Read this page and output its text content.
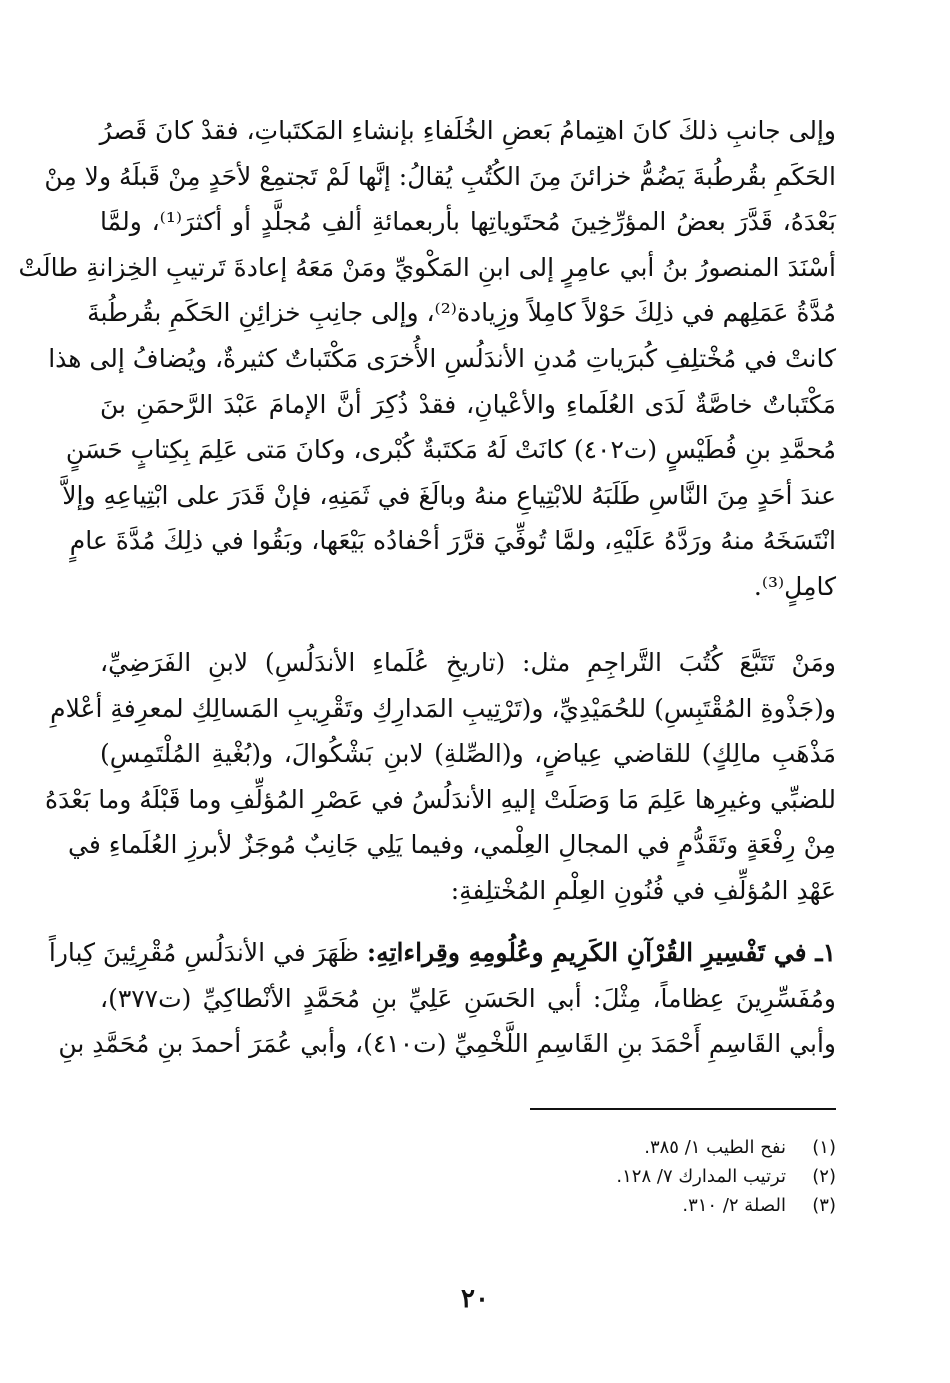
وإلى جانبِ ذلكَ كانَ اهتِمامُ بَعضِ الخُلَفاءِ بإنشاءِ المَكتَباتِ، فقدْ كانَ قَصرُ
الحَكَمِ بقُرطُبةَ يَضُمُّ خزائنَ مِنَ الكُتُبِ يُقالُ: إنَّها لَمْ تَجتمِعْ لأحَدٍ مِنْ قَبلَهُ ولا مِنْ
بَعْدَهُ، قَدَّرَ بعضُ المؤرِّخِينَ مُحتَوياتِها بأربعمائةِ ألفِ مُجلَّدٍ أو أكثرَ⁽¹⁾، ولمَّا
أسْنَدَ المنصورُ بنُ أبي عامِرٍ إلى ابنِ المَكْويِّ ومَنْ مَعَهُ إعادةَ تَرتيبِ الخِزانةِ طالَتْ
مُدَّةُ عَمَلِهم في ذلِكَ حَوْلاً كامِلاً وزِيادة⁽²⁾، وإلى جانِبِ خزائِنِ الحَكَمِ بقُرطُبةَ
كانتْ في مُخْتلِفِ كُبرَياتِ مُدنِ الأندَلُسِ الأُخرَى مَكْتَباتٌ كثيرةٌ، ويُضافُ إلى هذا
مَكْتَباتٌ خاصَّةٌ لَدَى العُلَماءِ والأعْيانِ، فقدْ ذُكِرَ أنَّ الإمامَ عَبْدَ الرَّحمَنِ بنَ
مُحمَّدِ بنِ فُطَيْسٍ (ت٤٠٢) كانَتْ لَهُ مَكتَبةٌ كُبْرى، وكانَ مَتى عَلِمَ بِكِتابٍ حَسَنٍ
عندَ أحَدٍ مِنَ النَّاسِ طَلَبَهُ للابْتِياعِ منهُ وبالَغَ في ثَمَنِهِ، فإنْ قَدَرَ على ابْتِياعِهِ وإلاَّ
انْتَسَخَهُ منهُ ورَدَّهُ عَلَيْهِ، ولمَّا تُوفِّيَ قرَّرَ أحْفادُه بَيْعَها، وبَقُوا في ذلِكَ مُدَّةَ عامٍ
كامِلٍ⁽³⁾.
ومَنْ تَتَبَّعَ كُتُبَ التَّراجِمِ مثل: (تاريخِ عُلَماءِ الأندَلُسِ) لابنِ الفَرَضِيِّ،
و(جَذْوةِ المُقْتَبِسِ) للحُمَيْدِيِّ، و(تَرْتِيبِ المَدارِكِ وتَقْرِيبِ المَسالِكِ لمعرِفةِ أعْلامِ
مَذْهَبِ مالِكٍ) للقاضي عِياضٍ، و(الصِّلةِ) لابنِ بَشْكُوالَ، و(بُغْيةِ المُلْتَمِسِ)
للضبِّي وغيرِها عَلِمَ مَا وَصَلَتْ إليهِ الأندَلُسُ في عَصْرِ المُؤلِّفِ وما قَبْلَهُ وما بَعْدَهُ
مِنْ رِفْعَةٍ وتَقَدُّمٍ في المجالِ العِلْمي، وفيما يَلِي جَانِبٌ مُوجَزٌ لأبرزِ العُلَماءِ في
عَهْدِ المُؤلِّفِ في فُنُونِ العِلْمِ المُخْتلِفةِ:
١ـ في تَفْسِيرِ القُرْآنِ الكَرِيمِ وعُلُومِهِ وقِراءاتِهِ: ظَهَرَ في الأندَلُسِ مُقْرِئِينَ كِباراً
ومُفَسِّرِينَ عِظاماً، مِثْلَ: أبي الحَسَنِ عَلِيِّ بنِ مُحَمَّدٍ الأنْطاكِيِّ (ت٣٧٧)،
وأبي القَاسِمِ أَحْمَدَ بنِ القَاسِمِ اللَّخْمِيِّ (ت٤١٠)، وأبي عُمَرَ أحمدَ بنِ مُحَمَّدِ بنِ
(١)نفح الطيب ١/ ٣٨٥.
(٢)ترتيب المدارك ٧/ ١٢٨.
(٣)الصلة ٢/ ٣١٠.
٢٠
